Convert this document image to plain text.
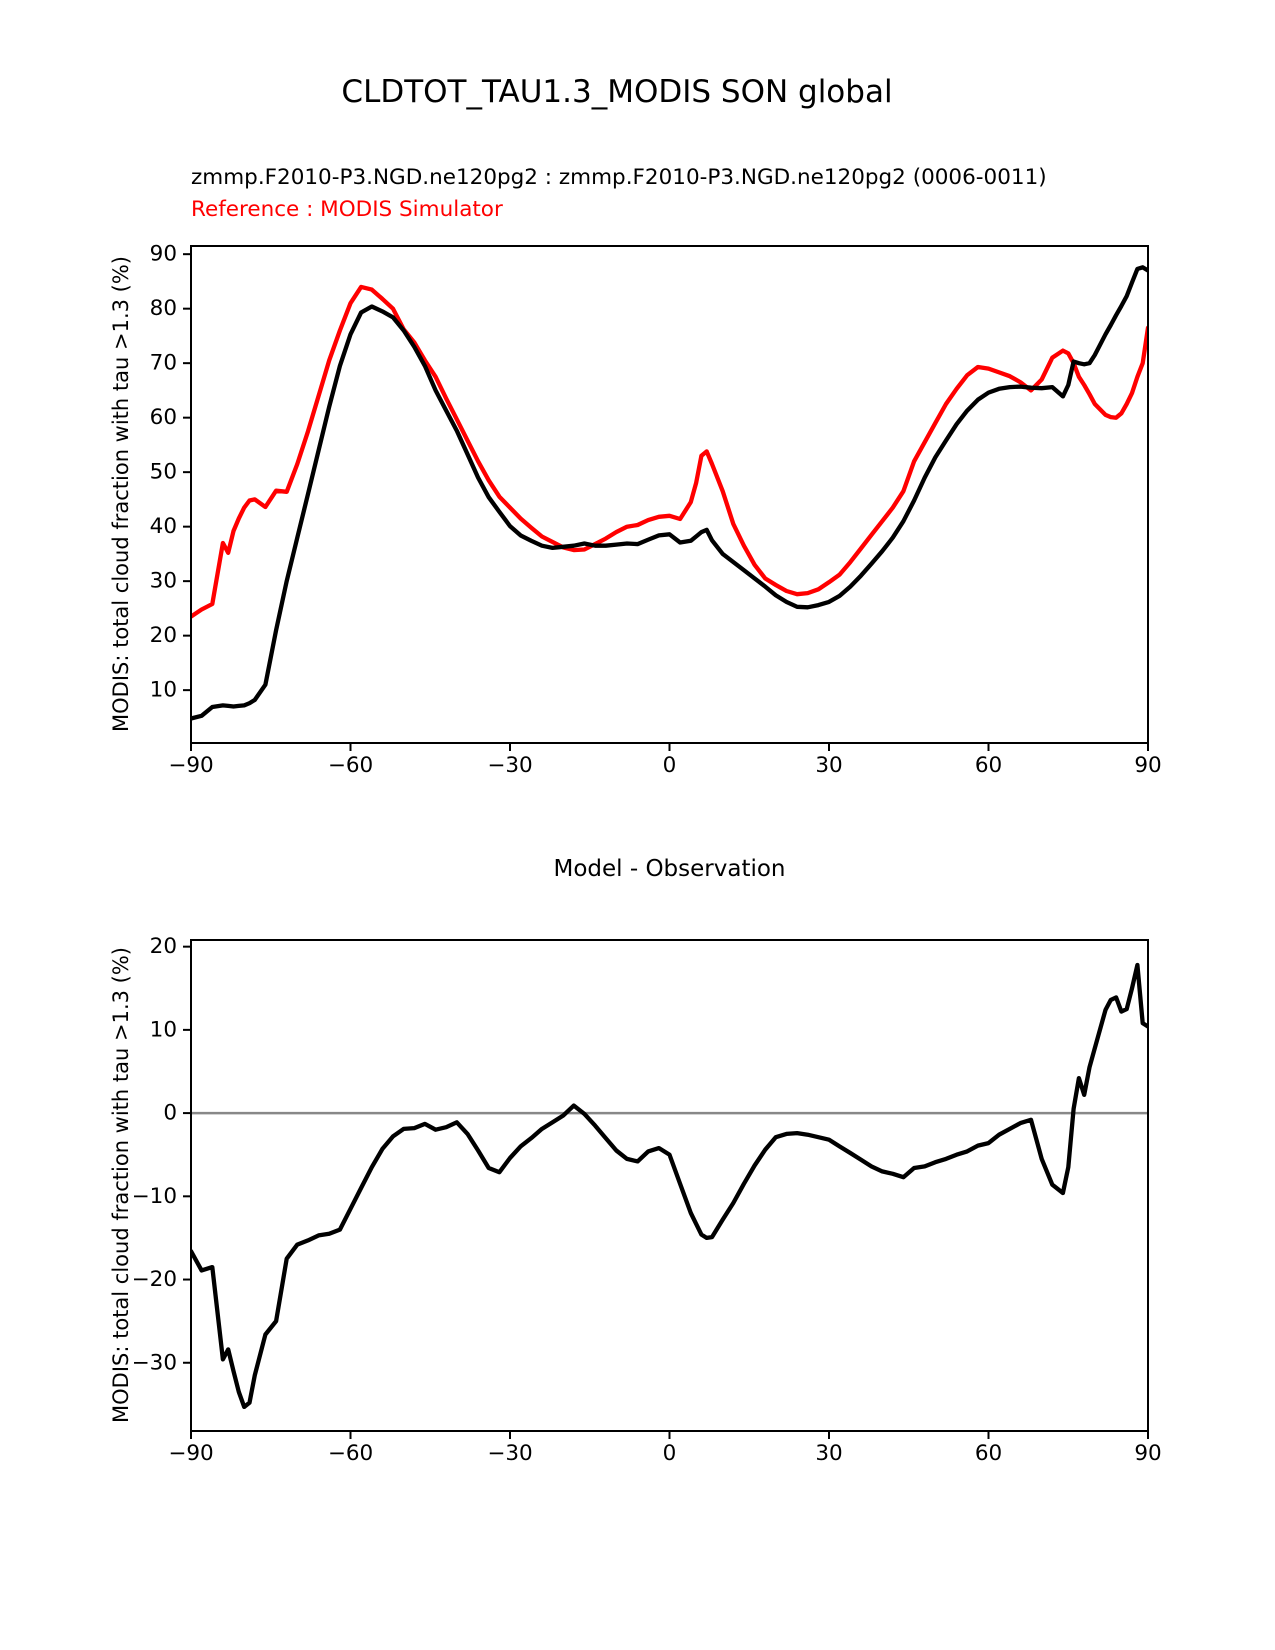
−90	−60	−30	0	30	60	90
10
20
30
40
50
60
70
80
90
−90	−60	−30	0	30	60	90
20
10
0
−10
−20
−30
CLDTOT_TAU1.3_MODIS SON global
zmmp.F2010-P3.NGD.ne120pg2 : zmmp.F2010-P3.NGD.ne120pg2 (0006-0011)
Reference : MODIS Simulator
MODIS: total cloud fraction with tau >1.3 (%)
Model - Observation
MODIS: total cloud fraction with tau >1.3 (%)
